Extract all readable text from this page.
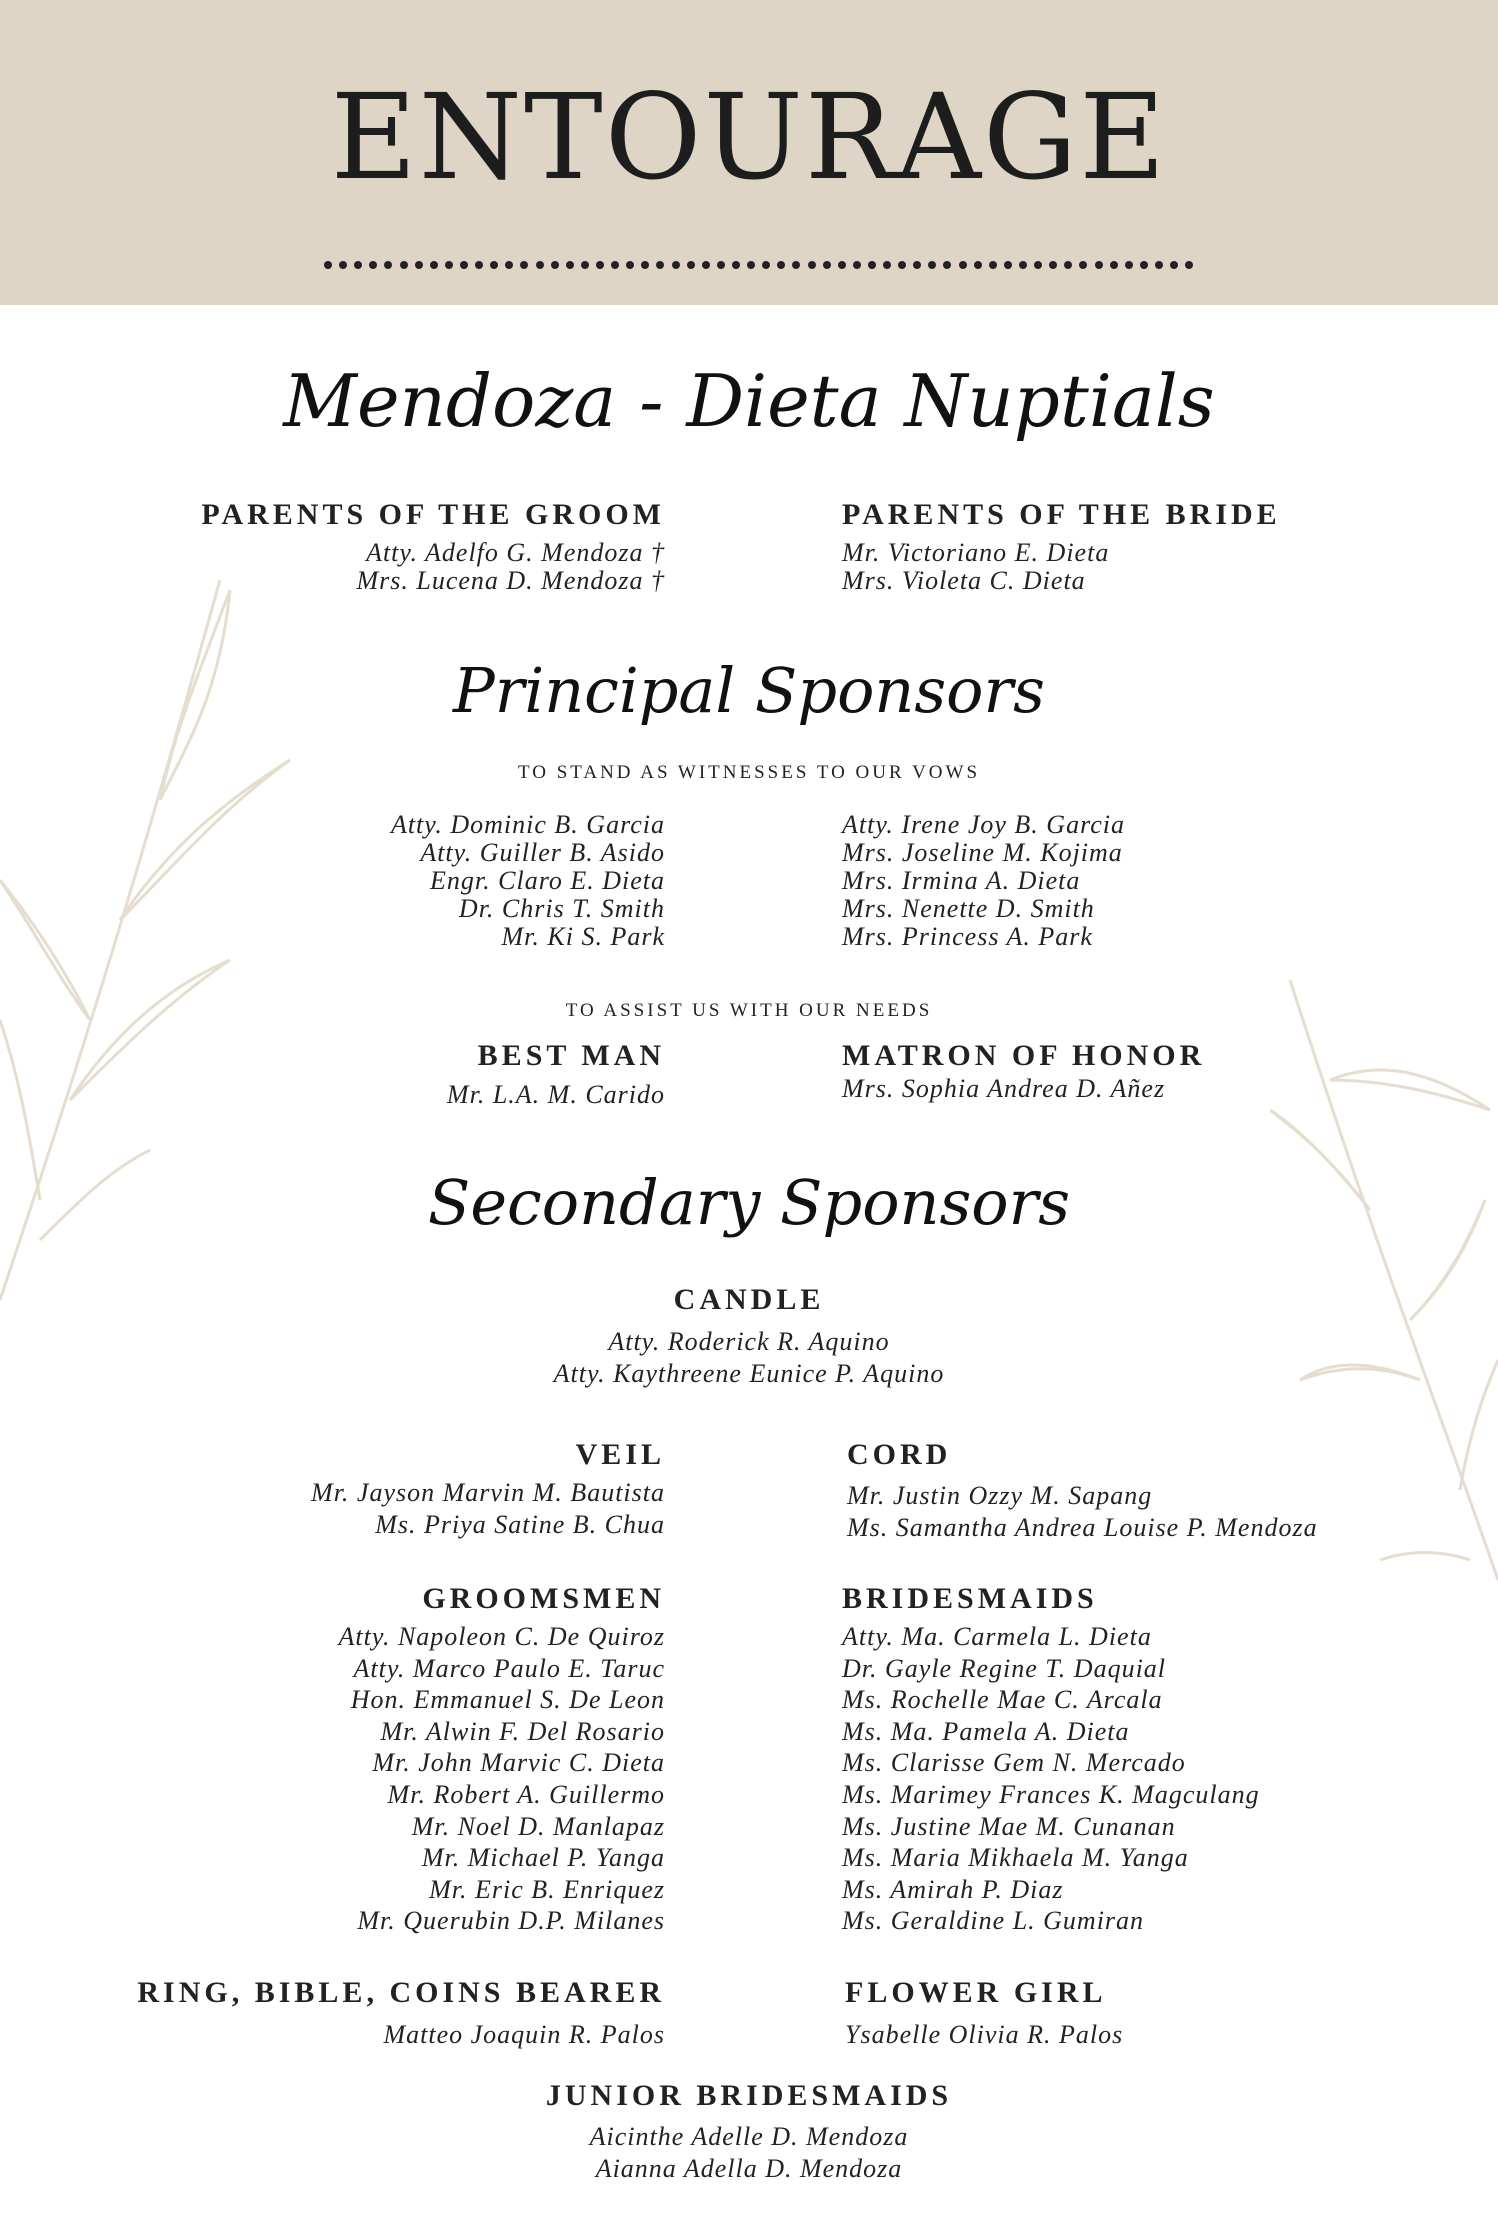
ENTOURAGE
Mendoza - Dieta Nuptials
PARENTS OF THE GROOM
Atty. Adelfo G. Mendoza †
Mrs. Lucena D. Mendoza †
PARENTS OF THE BRIDE
Mr. Victoriano E. Dieta
Mrs. Violeta C. Dieta
Principal Sponsors
TO STAND AS WITNESSES TO OUR VOWS
Atty. Dominic B. Garcia
Atty. Guiller B. Asido
Engr. Claro E. Dieta
Dr. Chris T. Smith
Mr. Ki S. Park
Atty. Irene Joy B. Garcia
Mrs. Joseline M. Kojima
Mrs. Irmina A. Dieta
Mrs. Nenette D. Smith
Mrs. Princess A. Park
TO ASSIST US WITH OUR NEEDS
BEST MAN
Mr. L.A. M. Carido
MATRON OF HONOR
Mrs. Sophia Andrea D. Añez
Secondary Sponsors
CANDLE
Atty. Roderick R. Aquino
Atty. Kaythreene Eunice P. Aquino
VEIL
Mr. Jayson Marvin M. Bautista
Ms. Priya Satine B. Chua
CORD
Mr. Justin Ozzy M. Sapang
Ms. Samantha Andrea Louise P. Mendoza
GROOMSMEN
Atty. Napoleon C. De Quiroz
Atty. Marco Paulo E. Taruc
Hon. Emmanuel S. De Leon
Mr. Alwin F. Del Rosario
Mr. John Marvic C. Dieta
Mr. Robert A. Guillermo
Mr. Noel D. Manlapaz
Mr. Michael P. Yanga
Mr. Eric B. Enriquez
Mr. Querubin D.P. Milanes
BRIDESMAIDS
Atty. Ma. Carmela L. Dieta
Dr. Gayle Regine T. Daquial
Ms. Rochelle Mae C. Arcala
Ms. Ma. Pamela A. Dieta
Ms. Clarisse Gem N. Mercado
Ms. Marimey Frances K. Magculang
Ms. Justine Mae M. Cunanan
Ms. Maria Mikhaela M. Yanga
Ms. Amirah P. Diaz
Ms. Geraldine L. Gumiran
RING, BIBLE, COINS BEARER
Matteo Joaquin R. Palos
FLOWER GIRL
Ysabelle Olivia R. Palos
JUNIOR BRIDESMAIDS
Aicinthe Adelle D. Mendoza
Aianna Adella D. Mendoza
